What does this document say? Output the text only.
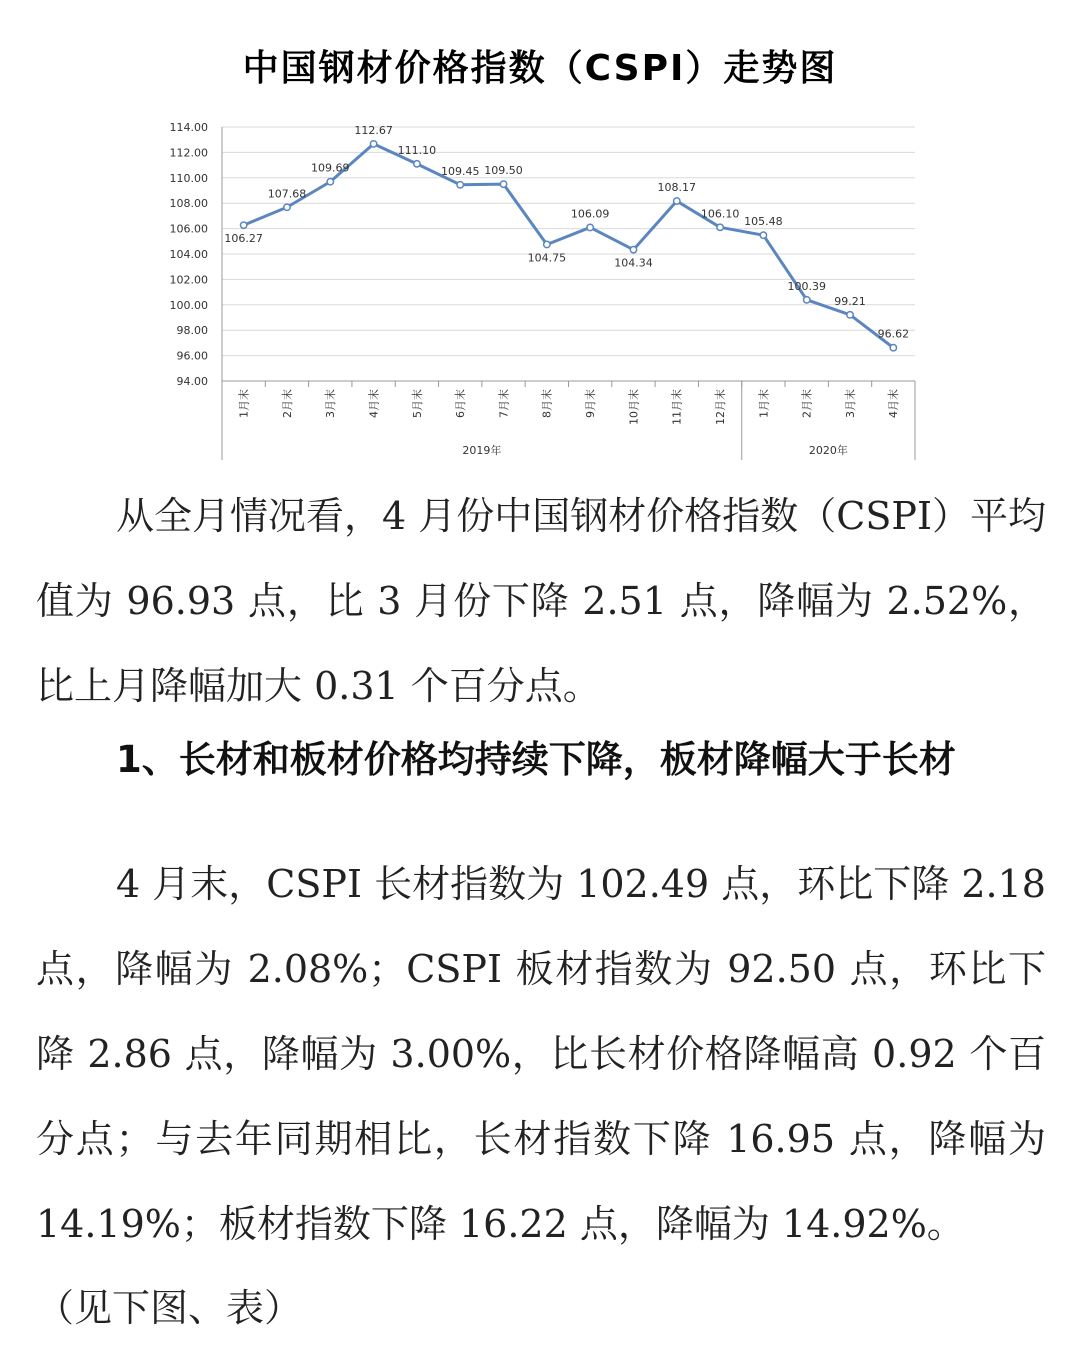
中国钢材价格指数（CSPI）走势图
94.00
96.00
98.00
100.00
102.00
104.00
106.00
108.00
110.00
112.00
114.00
1月末	2月末	3月末	4月末	5月末	6月末	7月末	8月末	9月末	10月末	11月末	12月末	1月末	2月末	3月末	4月末
2019年	2020年
106.27
107.68
109.69
112.67
111.10
109.45 109.50
104.75
106.09
104.34
108.17
106.10
105.48
100.39
99.21
96.62

从全月情况看，4 月份中国钢材价格指数（CSPI）平均值为 96.93 点，比 3 月份下降 2.51 点，降幅为 2.52%，比上月降幅加大 0.31 个百分点。

1、长材和板材价格均持续下降，板材降幅大于长材

4 月末，CSPI 长材指数为 102.49 点，环比下降 2.18 点，降幅为 2.08%；CSPI 板材指数为 92.50 点，环比下降 2.86 点，降幅为 3.00%，比长材价格降幅高 0.92 个百分点；与去年同期相比，长材指数下降 16.95 点，降幅为 14.19%；板材指数下降 16.22 点，降幅为 14.92%。

（见下图、表）
